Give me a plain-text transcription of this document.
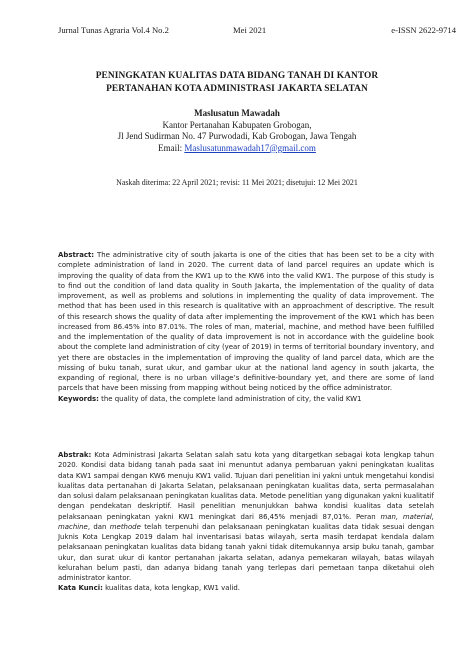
Jurnal Tunas Agraria Vol.4 No.2	Mei 2021	e-ISSN 2622-9714
PENINGKATAN KUALITAS DATA BIDANG TANAH DI KANTOR
PERTANAHAN KOTA ADMINISTRASI JAKARTA SELATAN
Maslusatun Mawadah
Kantor Pertanahan Kabupaten Grobogan,
Jl Jend Sudirman No. 47 Purwodadi, Kab Grobogan, Jawa Tengah
Email: Maslusatunmawadah17@gmail.com
Naskah diterima: 22 April 2021; revisi: 11 Mei 2021; disetujui: 12 Mei 2021

Abstract: The administrative city of south jakarta is one of the cities that has been set to be a city with complete administration of land in 2020. The current data of land parcel requires an update which is improving the quality of data from the KW1 up to the KW6 into the valid KW1. The purpose of this study is to find out the condition of land data quality in South Jakarta, the implementation of the quality of data improvement, as well as problems and solutions in implementing the quality of data improvement. The method that has been used in this research is qualitative with an approachment of descriptive. The result of this research shows the quality of data after implementing the improvement of the KW1 which has been increased from 86.45% into 87.01%. The roles of man, material, machine, and method have been fulfilled and the implementation of the quality of data improvement is not in accordance with the guideline book about the complete land administration of city (year of 2019) in terms of territorial boundary inventory, and yet there are obstacles in the implementation of improving the quality of land parcel data, which are the missing of buku tanah, surat ukur, and gambar ukur at the national land agency in south jakarta, the expanding of regional, there is no urban village’s definitive-boundary yet, and there are some of land parcels that have been missing from mapping without being noticed by the office administrator.

Keywords: the quality of data, the complete land administration of city, the valid KW1

Abstrak: Kota Administrasi Jakarta Selatan salah satu kota yang ditargetkan sebagai kota lengkap tahun 2020. Kondisi data bidang tanah pada saat ini menuntut adanya pembaruan yakni peningkatan kualitas data KW1 sampai dengan KW6 menuju KW1 valid. Tujuan dari penelitian ini yakni untuk mengetahui kondisi kualitas data pertanahan di Jakarta Selatan, pelaksanaan peningkatan kualitas data, serta permasalahan dan solusi dalam pelaksanaan peningkatan kualitas data. Metode penelitian yang digunakan yakni kualitatif dengan pendekatan deskriptif. Hasil penelitian menunjukkan bahwa kondisi kualitas data setelah pelaksanaan peningkatan yakni KW1 meningkat dari 86,45% menjadi 87,01%. Peran man, material, machine, dan methode telah terpenuhi dan pelaksanaan peningkatan kualitas data tidak sesuai dengan Juknis Kota Lengkap 2019 dalam hal inventarisasi batas wilayah, serta masih terdapat kendala dalam pelaksanaan peningkatan kualitas data bidang tanah yakni tidak ditemukannya arsip buku tanah, gambar ukur, dan surat ukur di kantor pertanahan jakarta selatan, adanya pemekaran wilayah, batas wilayah kelurahan belum pasti, dan adanya bidang tanah yang terlepas dari pemetaan tanpa diketahui oleh administrator kantor.

Kata Kunci: kualitas data, kota lengkap, KW1 valid.
